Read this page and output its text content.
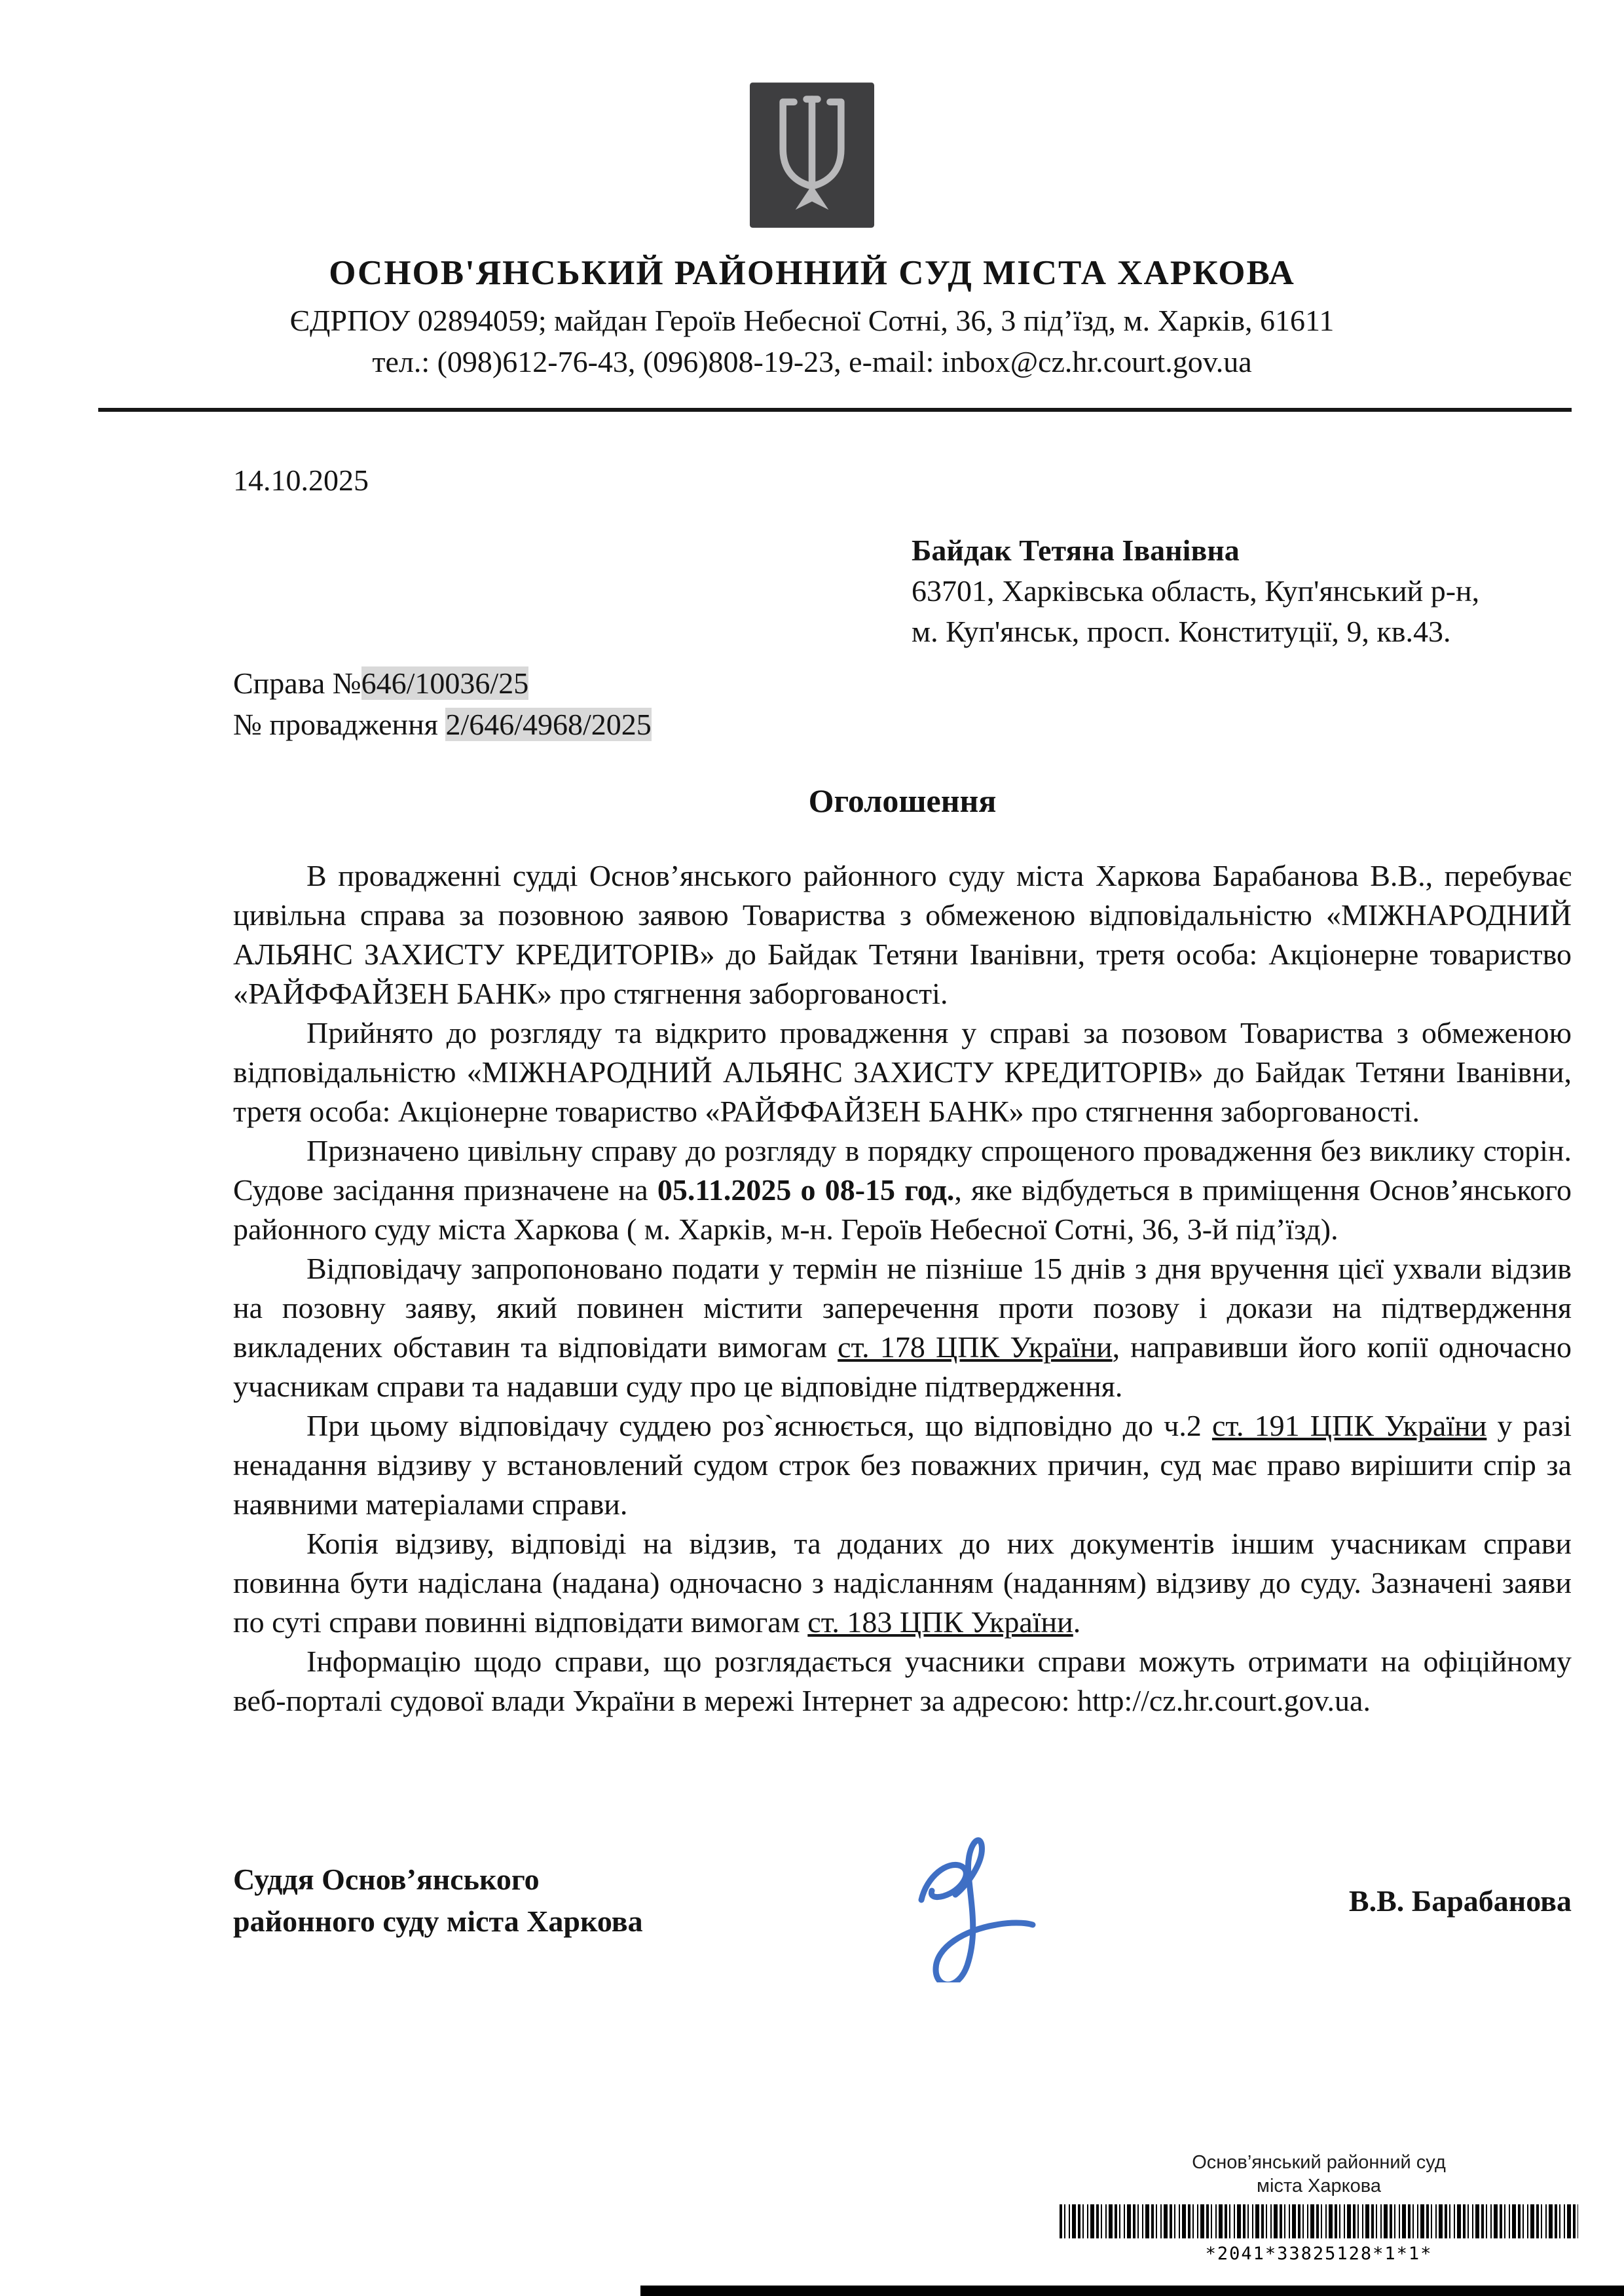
ОСНОВ'ЯНСЬКИЙ РАЙОННИЙ СУД МІСТА ХАРКОВА
ЄДРПОУ 02894059; майдан Героїв Небесної Сотні, 36, 3 під’їзд, м. Харків, 61611
тел.: (098)612-76-43, (096)808-19-23, e-mail: inbox@cz.hr.court.gov.ua
14.10.2025
Байдак Тетяна Іванівна
63701, Харківська область, Куп'янський р-н,
м. Куп'янськ, просп. Конституції, 9, кв.43.
Справа №646/10036/25
№ провадження 2/646/4968/2025
Оголошення

В провадженні судді Основ’янського районного суду міста Харкова Барабанова В.В., перебуває цивільна справа за позовною заявою Товариства з обмеженою відповідальністю «МІЖНАРОДНИЙ АЛЬЯНС ЗАХИСТУ КРЕДИТОРІВ» до Байдак Тетяни Іванівни, третя особа: Акціонерне товариство «РАЙФФАЙЗЕН БАНК» про стягнення заборгованості.

Прийнято до розгляду та відкрито провадження у справі за позовом Товариства з обмеженою відповідальністю «МІЖНАРОДНИЙ АЛЬЯНС ЗАХИСТУ КРЕДИТОРІВ» до Байдак Тетяни Іванівни, третя особа: Акціонерне товариство «РАЙФФАЙЗЕН БАНК» про стягнення заборгованості.

Призначено цивільну справу до розгляду в порядку спрощеного провадження без виклику сторін. Судове засідання призначене на 05.11.2025 о 08-15 год., яке відбудеться в приміщення Основ’янського районного суду міста Харкова ( м. Харків, м-н. Героїв Небесної Сотні, 36, 3-й під’їзд).

Відповідачу запропоновано подати у термін не пізніше 15 днів з дня вручення цієї ухвали відзив на позовну заяву, який повинен містити заперечення проти позову і докази на підтвердження викладених обставин та відповідати вимогам ст. 178 ЦПК України, направивши його копії одночасно учасникам справи та надавши суду про це відповідне підтвердження.

При цьому відповідачу суддею роз`яснюється, що відповідно до ч.2 ст. 191 ЦПК України у разі ненадання відзиву у встановлений судом строк без поважних причин, суд має право вирішити спір за наявними матеріалами справи.

Копія відзиву, відповіді на відзив, та доданих до них документів іншим учасникам справи повинна бути надіслана (надана) одночасно з надісланням (наданням) відзиву до суду. Зазначені заяви по суті справи повинні відповідати вимогам ст. 183 ЦПК України.

Інформацію щодо справи, що розглядається учасники справи можуть отримати на офіційному веб-порталі судової влади України в мережі Інтернет за адресою: http://cz.hr.court.gov.ua.

Суддя Основ’янського
районного суду міста Харкова
В.В. Барабанова
Основ’янський районний суд
міста Харкова
*2041*33825128*1*1*
